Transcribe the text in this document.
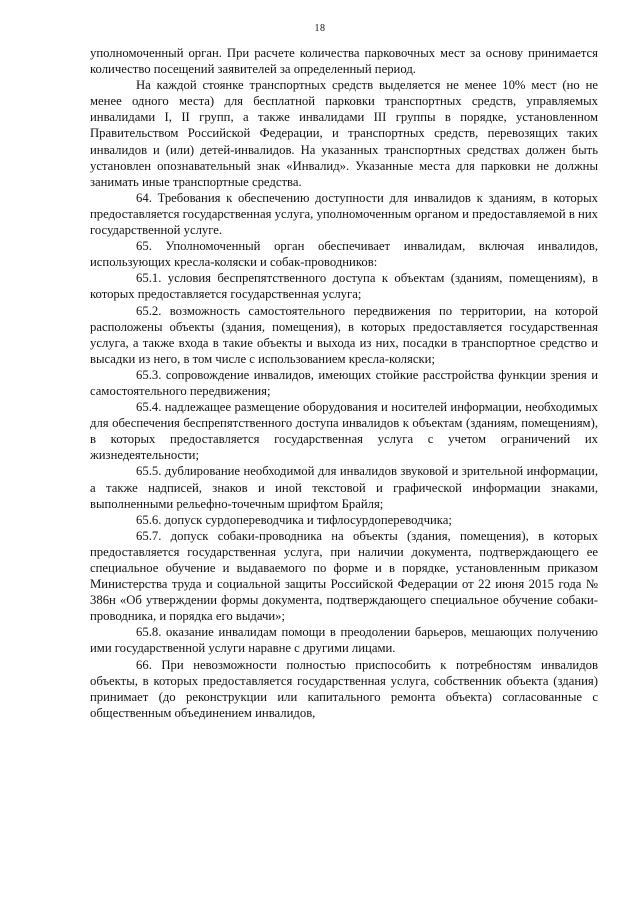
18

уполномоченный орган. При расчете количества парковочных мест за основу принимается количество посещений заявителей за определенный период.

На каждой стоянке транспортных средств выделяется не менее 10% мест (но не менее одного места) для бесплатной парковки транспортных средств, управляемых инвалидами I, II групп, а также инвалидами III группы в порядке, установленном Правительством Российской Федерации, и транспортных средств, перевозящих таких инвалидов и (или) детей-инвалидов. На указанных транспортных средствах должен быть установлен опознавательный знак «Инвалид». Указанные места для парковки не должны занимать иные транспортные средства.

64. Требования к обеспечению доступности для инвалидов к зданиям, в которых предоставляется государственная услуга, уполномоченным органом и предоставляемой в них государственной услуге.

65. Уполномоченный орган обеспечивает инвалидам, включая инвалидов, использующих кресла-коляски и собак-проводников:

65.1. условия беспрепятственного доступа к объектам (зданиям, помещениям), в которых предоставляется государственная услуга;

65.2. возможность самостоятельного передвижения по территории, на которой расположены объекты (здания, помещения), в которых предоставляется государственная услуга, а также входа в такие объекты и выхода из них, посадки в транспортное средство и высадки из него, в том числе с использованием кресла-коляски;

65.3. сопровождение инвалидов, имеющих стойкие расстройства функции зрения и самостоятельного передвижения;

65.4. надлежащее размещение оборудования и носителей информации, необходимых для обеспечения беспрепятственного доступа инвалидов к объектам (зданиям, помещениям), в которых предоставляется государственная услуга с учетом ограничений их жизнедеятельности;

65.5. дублирование необходимой для инвалидов звуковой и зрительной информации, а также надписей, знаков и иной текстовой и графической информации знаками, выполненными рельефно-точечным шрифтом Брайля;

65.6. допуск сурдопереводчика и тифлосурдопереводчика;

65.7. допуск собаки-проводника на объекты (здания, помещения), в которых предоставляется государственная услуга, при наличии документа, подтверждающего ее специальное обучение и выдаваемого по форме и в порядке, установленным приказом Министерства труда и социальной защиты Российской Федерации от 22 июня 2015 года № 386н «Об утверждении формы документа, подтверждающего специальное обучение собаки-проводника, и порядка его выдачи»;

65.8. оказание инвалидам помощи в преодолении барьеров, мешающих получению ими государственной услуги наравне с другими лицами.

66. При невозможности полностью приспособить к потребностям инвалидов объекты, в которых предоставляется государственная услуга, собственник объекта (здания) принимает (до реконструкции или капитального ремонта объекта) согласованные с общественным объединением инвалидов,
